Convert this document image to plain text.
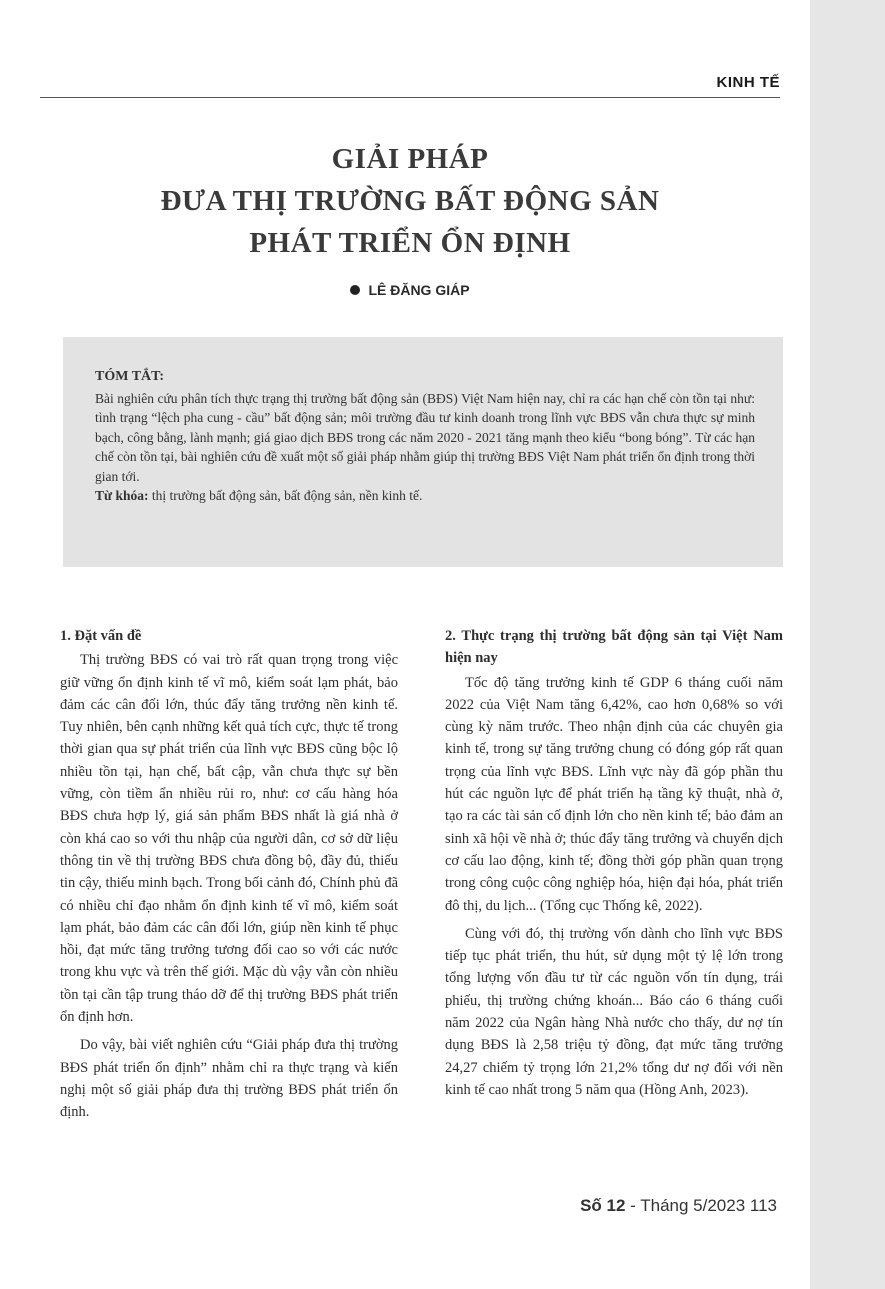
KINH TẾ
GIẢI PHÁP
ĐƯA THỊ TRƯỜNG BẤT ĐỘNG SẢN
PHÁT TRIỂN ỔN ĐỊNH
LÊ ĐĂNG GIÁP
TÓM TẮT:
Bài nghiên cứu phân tích thực trạng thị trường bất động sản (BĐS) Việt Nam hiện nay, chỉ ra các hạn chế còn tồn tại như: tình trạng “lệch pha cung - cầu” bất động sản; môi trường đầu tư kinh doanh trong lĩnh vực BĐS vẫn chưa thực sự minh bạch, công bằng, lành mạnh; giá giao dịch BĐS trong các năm 2020 - 2021 tăng mạnh theo kiểu “bong bóng”. Từ các hạn chế còn tồn tại, bài nghiên cứu đề xuất một số giải pháp nhằm giúp thị trường BĐS Việt Nam phát triển ổn định trong thời gian tới.
Từ khóa: thị trường bất động sản, bất động sản, nền kinh tế.
1. Đặt vấn đề

Thị trường BĐS có vai trò rất quan trọng trong việc giữ vững ổn định kinh tế vĩ mô, kiểm soát lạm phát, bảo đảm các cân đối lớn, thúc đẩy tăng trưởng nền kinh tế. Tuy nhiên, bên cạnh những kết quả tích cực, thực tế trong thời gian qua sự phát triển của lĩnh vực BĐS cũng bộc lộ nhiều tồn tại, hạn chế, bất cập, vẫn chưa thực sự bền vững, còn tiềm ẩn nhiều rủi ro, như: cơ cấu hàng hóa BĐS chưa hợp lý, giá sản phẩm BĐS nhất là giá nhà ở còn khá cao so với thu nhập của người dân, cơ sở dữ liệu thông tin về thị trường BĐS chưa đồng bộ, đầy đủ, thiếu tin cậy, thiếu minh bạch. Trong bối cảnh đó, Chính phủ đã có nhiều chỉ đạo nhằm ổn định kinh tế vĩ mô, kiểm soát lạm phát, bảo đảm các cân đối lớn, giúp nền kinh tế phục hồi, đạt mức tăng trưởng tương đối cao so với các nước trong khu vực và trên thế giới. Mặc dù vậy vẫn còn nhiều tồn tại cần tập trung tháo dỡ để thị trường BĐS phát triển ổn định hơn.

Do vậy, bài viết nghiên cứu “Giải pháp đưa thị trường BĐS phát triển ổn định” nhằm chỉ ra thực trạng và kiến nghị một số giải pháp đưa thị trường BĐS phát triển ổn định.

2. Thực trạng thị trường bất động sản tại Việt Nam hiện nay

Tốc độ tăng trưởng kinh tế GDP 6 tháng cuối năm 2022 của Việt Nam tăng 6,42%, cao hơn 0,68% so với cùng kỳ năm trước. Theo nhận định của các chuyên gia kinh tế, trong sự tăng trưởng chung có đóng góp rất quan trọng của lĩnh vực BĐS. Lĩnh vực này đã góp phần thu hút các nguồn lực để phát triển hạ tầng kỹ thuật, nhà ở, tạo ra các tài sản cố định lớn cho nền kinh tế; bảo đảm an sinh xã hội về nhà ở; thúc đẩy tăng trưởng và chuyển dịch cơ cấu lao động, kinh tế; đồng thời góp phần quan trọng trong công cuộc công nghiệp hóa, hiện đại hóa, phát triển đô thị, du lịch... (Tổng cục Thống kê, 2022).

Cùng với đó, thị trường vốn dành cho lĩnh vực BĐS tiếp tục phát triển, thu hút, sử dụng một tỷ lệ lớn trong tổng lượng vốn đầu tư từ các nguồn vốn tín dụng, trái phiếu, thị trường chứng khoán... Báo cáo 6 tháng cuối năm 2022 của Ngân hàng Nhà nước cho thấy, dư nợ tín dụng BĐS là 2,58 triệu tỷ đồng, đạt mức tăng trưởng 24,27 chiếm tỷ trọng lớn 21,2% tổng dư nợ đối với nền kinh tế cao nhất trong 5 năm qua (Hồng Anh, 2023).

Số 12 - Tháng 5/2023 113
